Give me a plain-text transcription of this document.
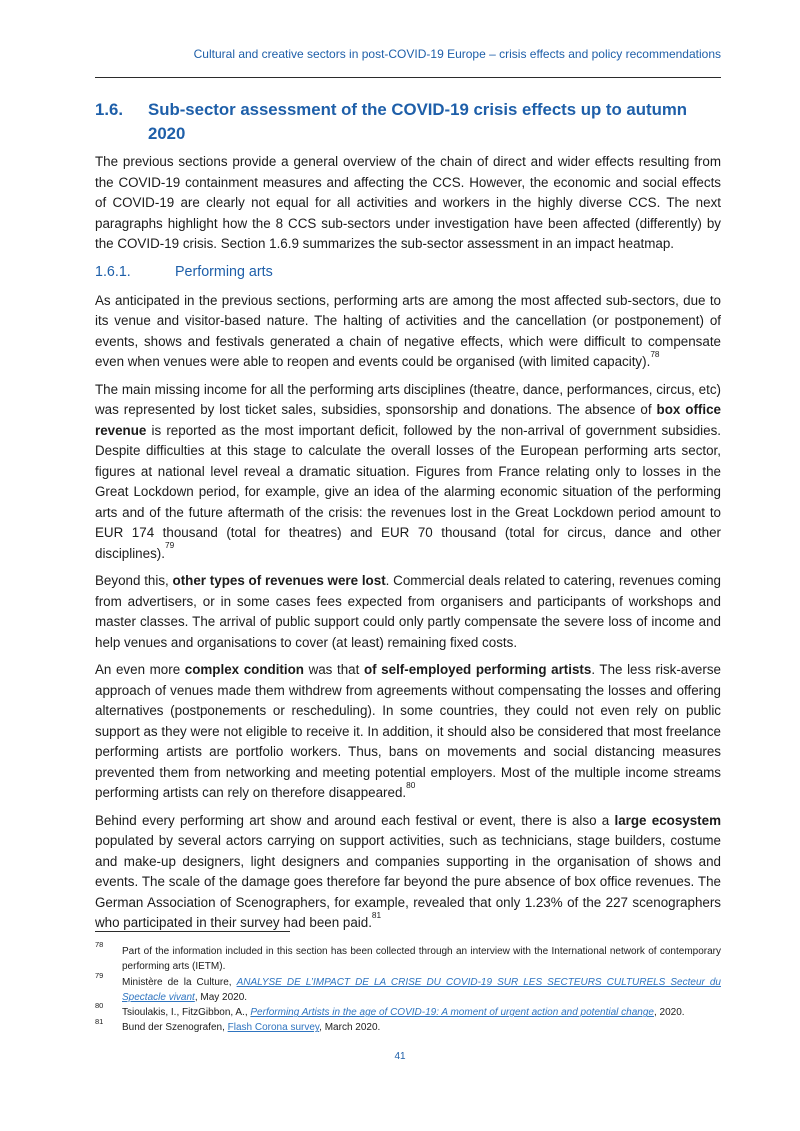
Cultural and creative sectors in post-COVID-19 Europe – crisis effects and policy recommendations
1.6.	Sub-sector assessment of the COVID-19 crisis effects up to autumn 2020

The previous sections provide a general overview of the chain of direct and wider effects resulting from the COVID-19 containment measures and affecting the CCS. However, the economic and social effects of COVID-19 are clearly not equal for all activities and workers in the highly diverse CCS. The next paragraphs highlight how the 8 CCS sub-sectors under investigation have been affected (differently) by the COVID-19 crisis. Section 1.6.9 summarizes the sub-sector assessment in an impact heatmap.

1.6.1.	Performing arts

As anticipated in the previous sections, performing arts are among the most affected sub-sectors, due to its venue and visitor-based nature. The halting of activities and the cancellation (or postponement) of events, shows and festivals generated a chain of negative effects, which were difficult to compensate even when venues were able to reopen and events could be organised (with limited capacity).$^{78}$

The main missing income for all the performing arts disciplines (theatre, dance, performances, circus, etc) was represented by lost ticket sales, subsidies, sponsorship and donations. The absence of box office revenue is reported as the most important deficit, followed by the non-arrival of government subsidies. Despite difficulties at this stage to calculate the overall losses of the European performing arts sector, figures at national level reveal a dramatic situation. Figures from France relating only to losses in the Great Lockdown period, for example, give an idea of the alarming economic situation of the performing arts and of the future aftermath of the crisis: the revenues lost in the Great Lockdown period amount to EUR 174 thousand (total for theatres) and EUR 70 thousand (total for circus, dance and other disciplines).$^{79}$

Beyond this, other types of revenues were lost. Commercial deals related to catering, revenues coming from advertisers, or in some cases fees expected from organisers and participants of workshops and master classes. The arrival of public support could only partly compensate the severe loss of income and help venues and organisations to cover (at least) remaining fixed costs.

An even more complex condition was that of self-employed performing artists. The less risk-averse approach of venues made them withdrew from agreements without compensating the losses and offering alternatives (postponements or rescheduling). In some countries, they could not even rely on public support as they were not eligible to receive it. In addition, it should also be considered that most freelance performing artists are portfolio workers. Thus, bans on movements and social distancing measures prevented them from networking and meeting potential employers. Most of the multiple income streams performing artists can rely on therefore disappeared.$^{80}$

Behind every performing art show and around each festival or event, there is also a large ecosystem populated by several actors carrying on support activities, such as technicians, stage builders, costume and make-up designers, light designers and companies supporting in the organisation of shows and events. The scale of the damage goes therefore far beyond the pure absence of box office revenues. The German Association of Scenographers, for example, revealed that only 1.23% of the 227 scenographers who participated in their survey had been paid.$^{81}$

$^{78}$
Part of the information included in this section has been collected through an interview with the International network of contemporary performing arts (IETM).
$^{79}$
Ministère de la Culture, ANALYSE DE L’IMPACT DE LA CRISE DU COVID-19 SUR LES SECTEURS CULTURELS Secteur du Spectacle vivant, May 2020.
$^{80}$
Tsioulakis, I., FitzGibbon, A., Performing Artists in the age of COVID-19: A moment of urgent action and potential change, 2020.
$^{81}$
Bund der Szenografen, Flash Corona survey, March 2020.
41
